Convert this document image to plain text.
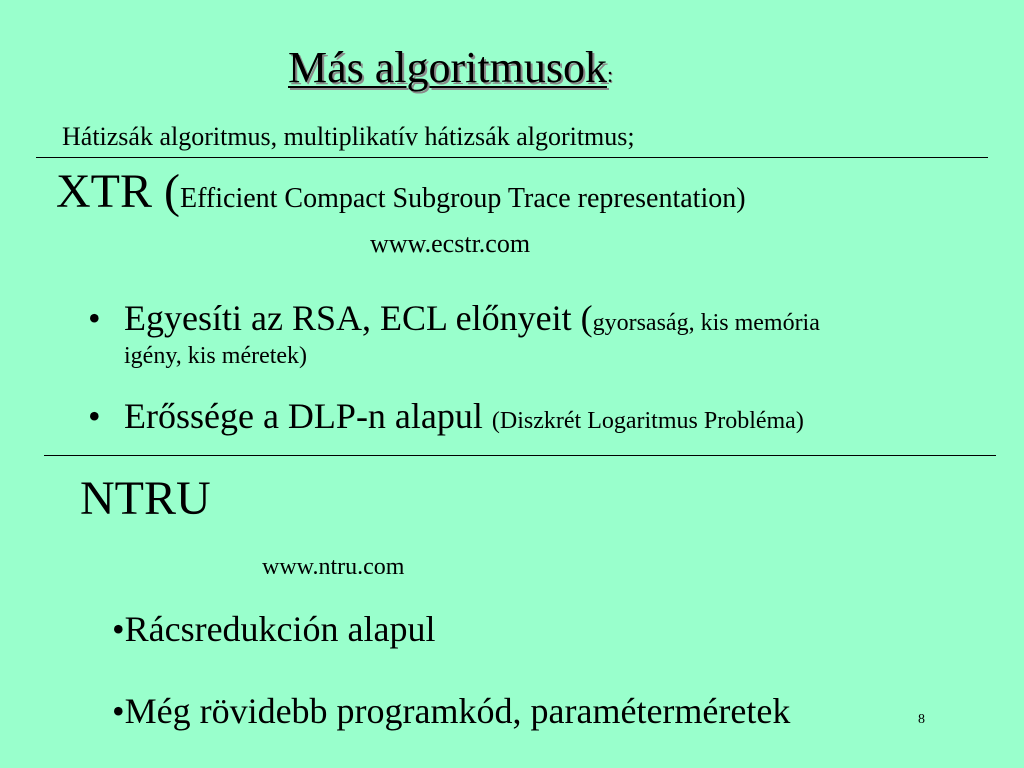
Más algoritmusok:
Hátizsák algoritmus, multiplikatív hátizsák algoritmus;
XTR (Efficient Compact Subgroup Trace representation)
www.ecstr.com
• Egyesíti az RSA, ECL előnyeit (gyorsaság, kis memória
igény, kis méretek)
• Erőssége a DLP-n alapul (Diszkrét Logaritmus Probléma)
NTRU
www.ntru.com
•Rácsredukción alapul
•Még rövidebb programkód, paraméterméretek	8
